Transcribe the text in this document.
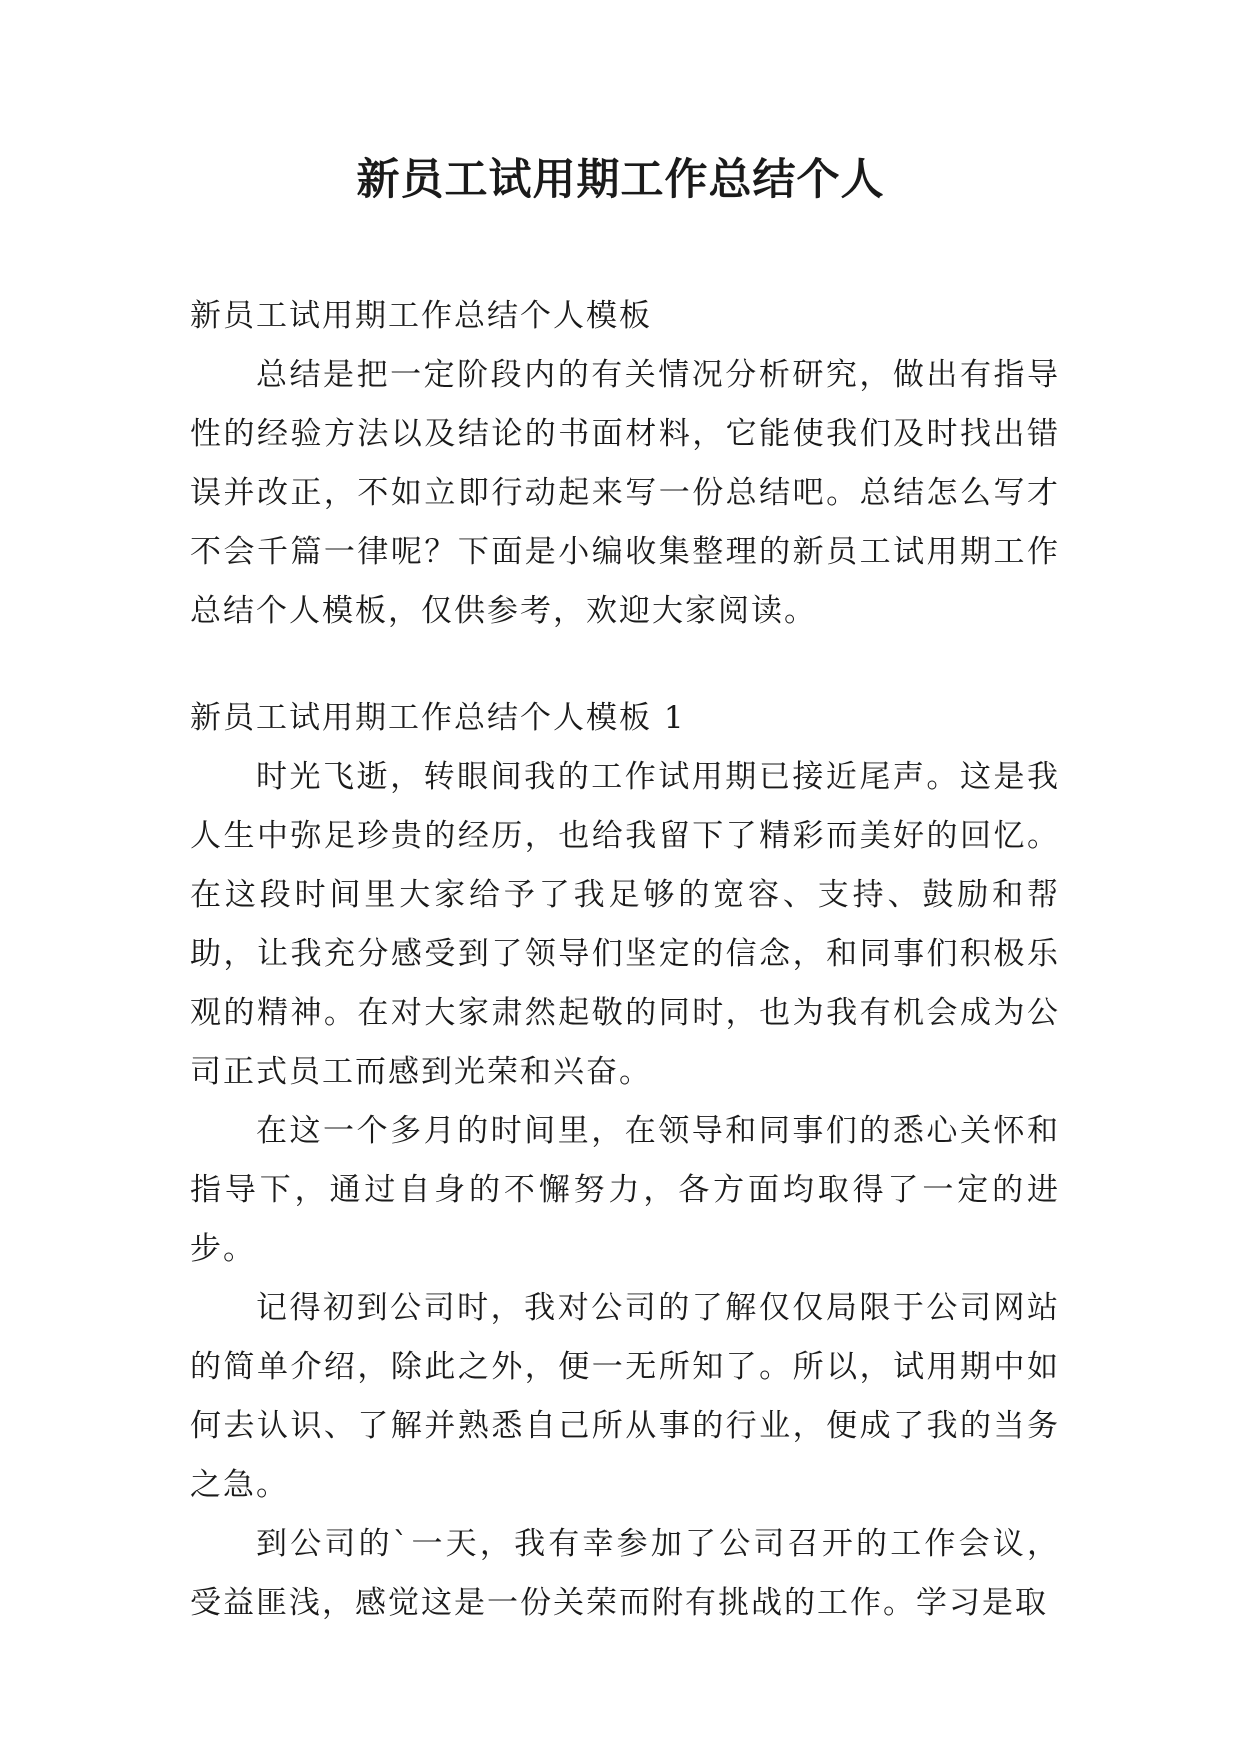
新员工试用期工作总结个人

新员工试用期工作总结个人模板

总结是把一定阶段内的有关情况分析研究，做出有指导性的经验方法以及结论的书面材料，它能使我们及时找出错误并改正，不如立即行动起来写一份总结吧。总结怎么写才不会千篇一律呢？下面是小编收集整理的新员工试用期工作总结个人模板，仅供参考，欢迎大家阅读。

新员工试用期工作总结个人模板 1

时光飞逝，转眼间我的工作试用期已接近尾声。这是我人生中弥足珍贵的经历，也给我留下了精彩而美好的回忆。在这段时间里大家给予了我足够的宽容、支持、鼓励和帮助，让我充分感受到了领导们坚定的信念，和同事们积极乐观的精神。在对大家肃然起敬的同时，也为我有机会成为公司正式员工而感到光荣和兴奋。

在这一个多月的时间里，在领导和同事们的悉心关怀和指导下，通过自身的不懈努力，各方面均取得了一定的进步。

记得初到公司时，我对公司的了解仅仅局限于公司网站的简单介绍，除此之外，便一无所知了。所以，试用期中如何去认识、了解并熟悉自己所从事的行业，便成了我的当务之急。

到公司的`一天，我有幸参加了公司召开的工作会议，受益匪浅，感觉这是一份关荣而附有挑战的工作。学习是取
